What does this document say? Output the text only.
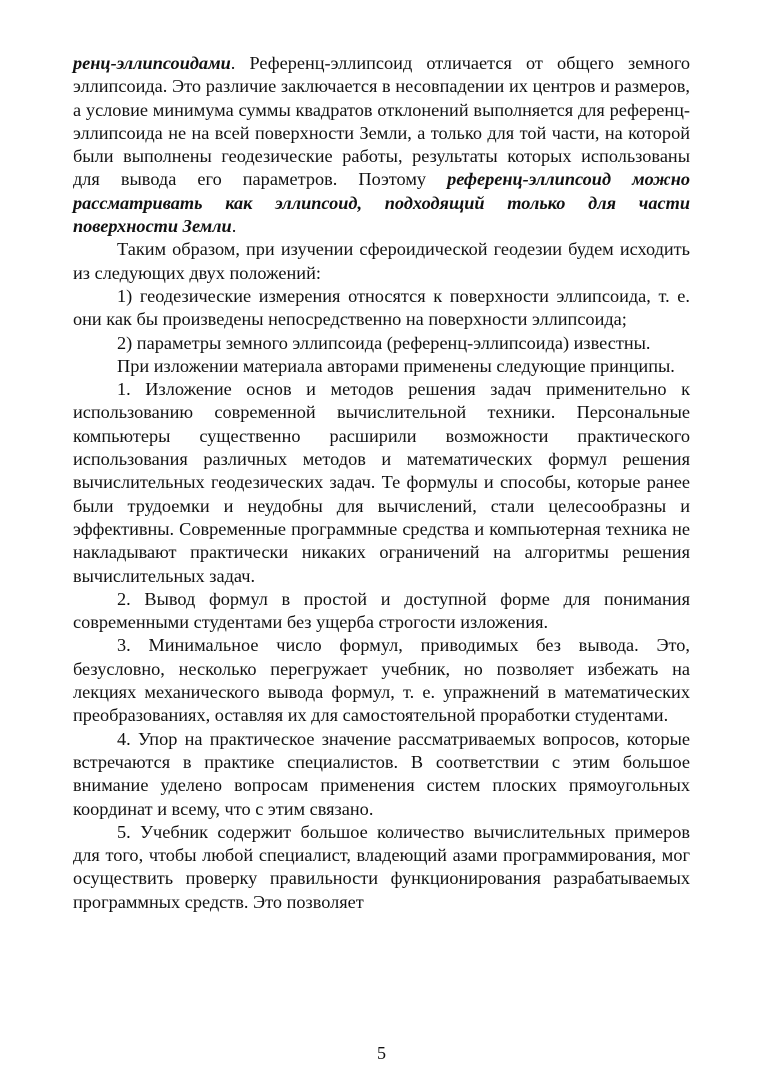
ренц-эллипсоидами. Референц-эллипсоид отличается от общего земного эллипсоида. Это различие заключается в несовпадении их центров и размеров, а условие минимума суммы квадратов отклонений выполняется для референц-эллипсоида не на всей поверхности Земли, а только для той части, на которой были выполнены геодезические работы, результаты которых использованы для вывода его параметров. Поэтому референц-эллипсоид можно рассматривать как эллипсоид, подходящий только для части поверхности Земли.

Таким образом, при изучении сфероидической геодезии будем исходить из следующих двух положений:

1) геодезические измерения относятся к поверхности эллипсоида, т. е. они как бы произведены непосредственно на поверхности эллипсоида;

2) параметры земного эллипсоида (референц-эллипсоида) известны.

При изложении материала авторами применены следующие принципы.

1. Изложение основ и методов решения задач применительно к использованию современной вычислительной техники. Персональные компьютеры существенно расширили возможности практического использования различных методов и математических формул решения вычислительных геодезических задач. Те формулы и способы, которые ранее были трудоемки и неудобны для вычислений, стали целесообразны и эффективны. Современные программные средства и компьютерная техника не накладывают практически никаких ограничений на алгоритмы решения вычислительных задач.

2. Вывод формул в простой и доступной форме для понимания современными студентами без ущерба строгости изложения.

3. Минимальное число формул, приводимых без вывода. Это, безусловно, несколько перегружает учебник, но позволяет избежать на лекциях механического вывода формул, т. е. упражнений в математических преобразованиях, оставляя их для самостоятельной проработки студентами.

4. Упор на практическое значение рассматриваемых вопросов, которые встречаются в практике специалистов. В соответствии с этим большое внимание уделено вопросам применения систем плоских прямоугольных координат и всему, что с этим связано.

5. Учебник содержит большое количество вычислительных примеров для того, чтобы любой специалист, владеющий азами программирования, мог осуществить проверку правильности функционирования разрабатываемых программных средств. Это позволяет

5
